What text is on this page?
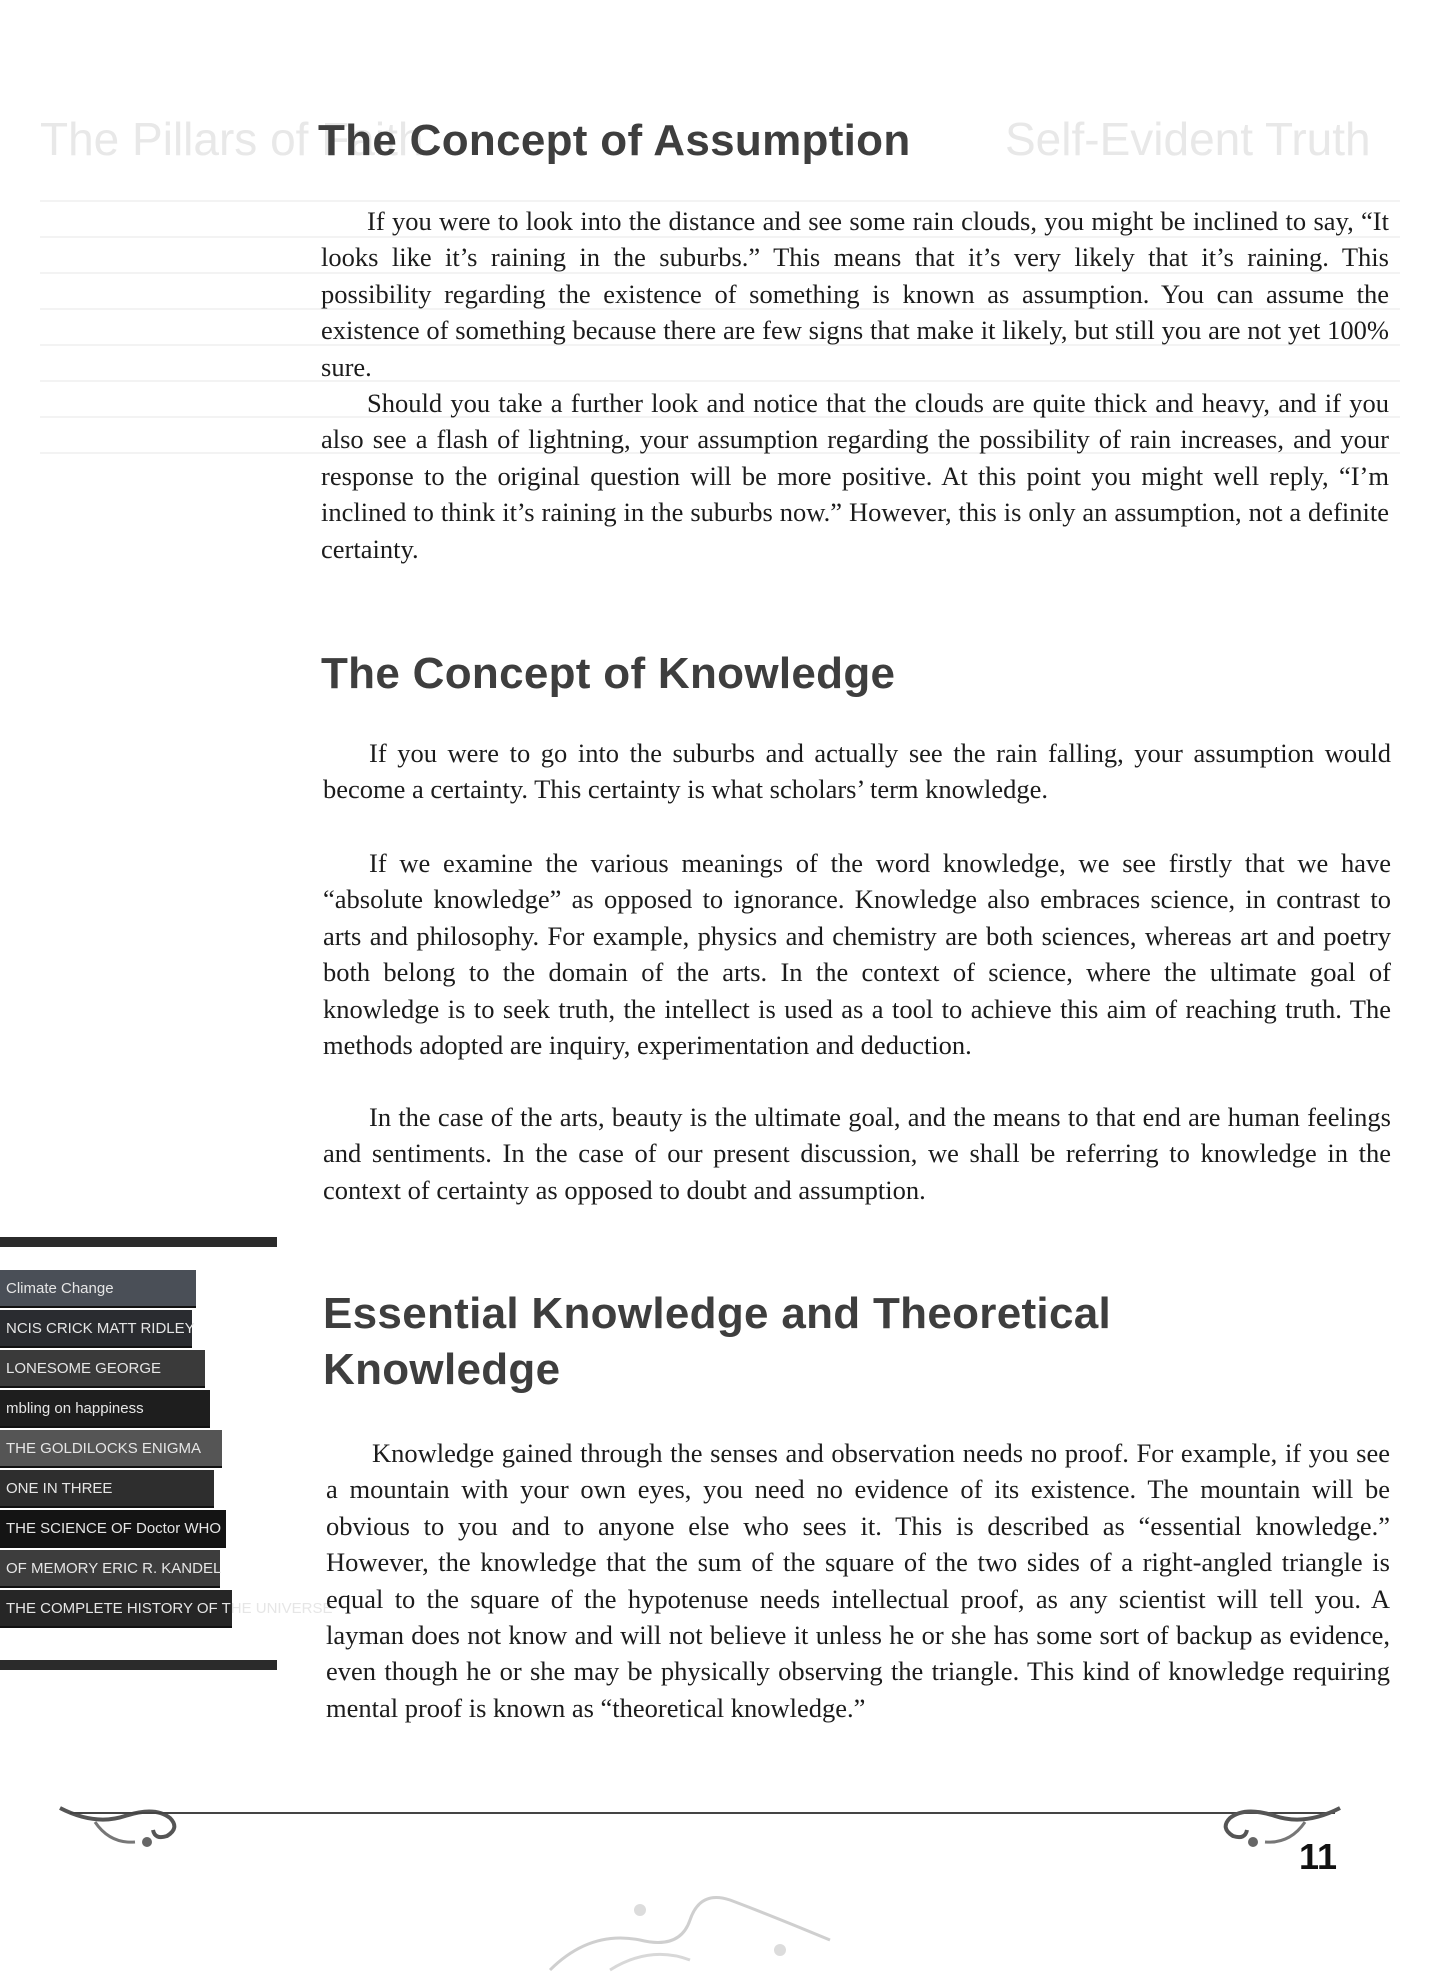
The Pillars of Faith	Self-Evident Truth
The Concept of Assumption

If you were to look into the distance and see some rain clouds, you might be inclined to say, “It looks like it’s raining in the suburbs.” This means that it’s very likely that it’s raining. This possibility regarding the existence of something is known as assumption. You can assume the existence of something because there are few signs that make it likely, but still you are not yet 100% sure.

Should you take a further look and notice that the clouds are quite thick and heavy, and if you also see a flash of lightning, your assumption regarding the possibility of rain increases, and your response to the original question will be more positive. At this point you might well reply, “I’m inclined to think it’s raining in the suburbs now.” However, this is only an assumption, not a definite certainty.

The Concept of Knowledge

If you were to go into the suburbs and actually see the rain falling, your assumption would become a certainty. This certainty is what scholars’ term knowledge.

If we examine the various meanings of the word knowledge, we see firstly that we have “absolute knowledge” as opposed to ignorance. Knowledge also embraces science, in contrast to arts and philosophy. For example, physics and chemistry are both sciences, whereas art and poetry both belong to the domain of the arts. In the context of science, where the ultimate goal of knowledge is to seek truth, the intellect is used as a tool to achieve this aim of reaching truth. The methods adopted are inquiry, experimentation and deduction.

In the case of the arts, beauty is the ultimate goal, and the means to that end are human feelings and sentiments. In the case of our present discussion, we shall be referring to knowledge in the context of certainty as opposed to doubt and assumption.

Climate Change
NCIS CRICK MATT RIDLEY
LONESOME GEORGE
mbling on happiness
THE GOLDILOCKS ENIGMA
ONE IN THREE
THE SCIENCE OF Doctor WHO
OF MEMORY ERIC R. KANDEL
THE COMPLETE HISTORY OF THE UNIVERSE
Essential Knowledge and Theoretical
Knowledge

Knowledge gained through the senses and observation needs no proof. For example, if you see a mountain with your own eyes, you need no evidence of its existence. The mountain will be obvious to you and to anyone else who sees it. This is described as “essential knowledge.” However, the knowledge that the sum of the square of the two sides of a right-angled triangle is equal to the square of the hypotenuse needs intellectual proof, as any scientist will tell you. A layman does not know and will not believe it unless he or she has some sort of backup as evidence, even though he or she may be physically observing the triangle. This kind of knowledge requiring mental proof is known as “theoretical knowledge.”

11
